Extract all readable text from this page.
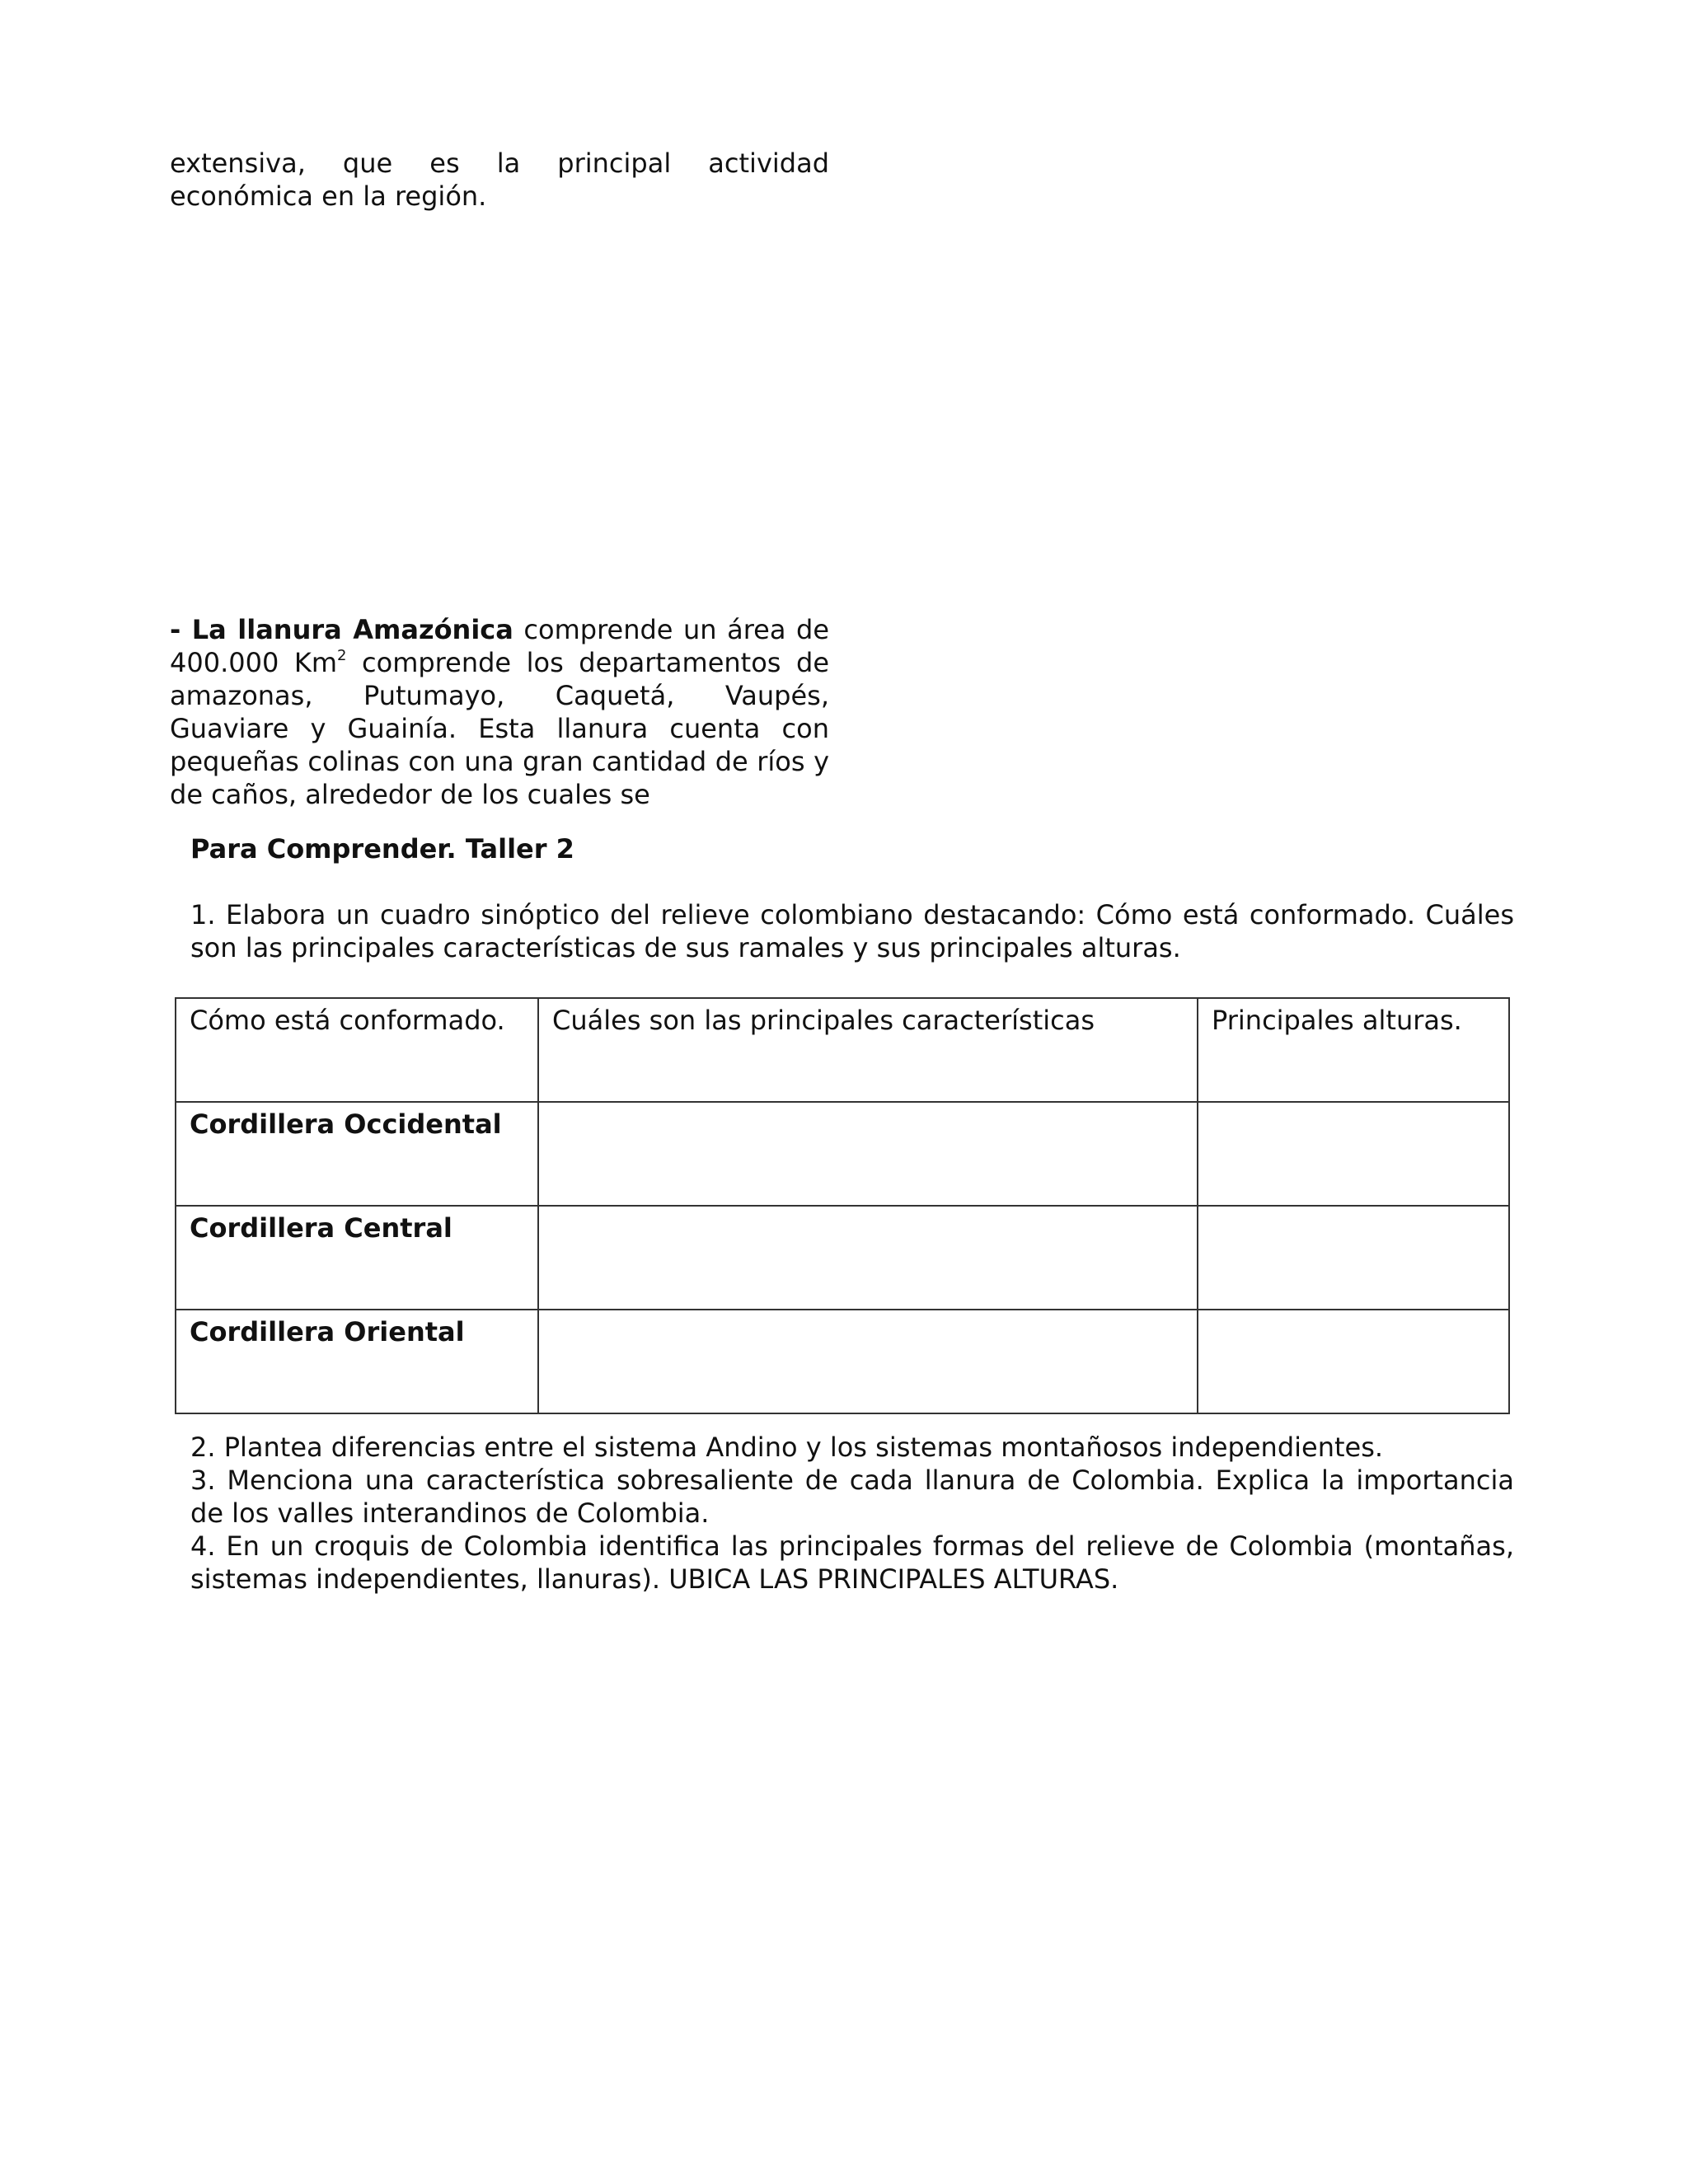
extensiva, que es la principal actividad
económica en la región.
- La llanura Amazónica comprende un área de 400.000 Km$^2$ comprende los departamentos de amazonas, Putumayo, Caquetá, Vaupés, Guaviare y Guainía. Esta llanura cuenta con pequeñas colinas con una gran cantidad de ríos y de caños, alrededor de los cuales se
Para Comprender. Taller 2
1. Elabora un cuadro sinóptico del relieve colombiano destacando: Cómo está conformado. Cuáles son las principales características de sus ramales y sus principales alturas.
Cómo está conformado.	Cuáles son las principales características	Principales alturas.
Cordillera Occidental		
Cordillera Central		
Cordillera Oriental		
2. Plantea diferencias entre el sistema Andino y los sistemas montañosos independientes.
3. Menciona una característica sobresaliente de cada llanura de Colombia. Explica la importancia de los valles interandinos de Colombia.
4. En un croquis de Colombia identifica las principales formas del relieve de Colombia (montañas, sistemas independientes, llanuras). UBICA LAS PRINCIPALES ALTURAS.
